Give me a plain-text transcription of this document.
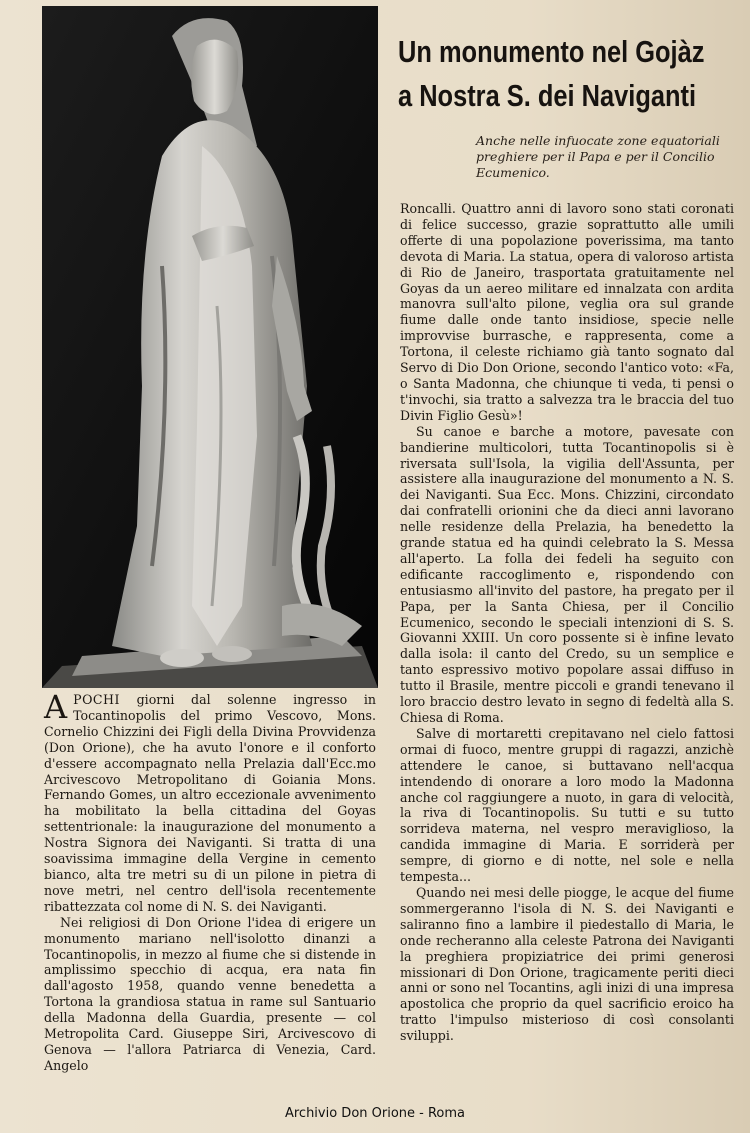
Un monumento nel Gojàz
a Nostra S. dei Naviganti
Anche nelle infuocate zone equatoriali preghiere per il Papa e per il Concilio Ecumenico.

APOCHI giorni dal solenne ingresso in Tocantinopolis del primo Vescovo, Mons. Cornelio Chizzini dei Figli della Divina Provvidenza (Don Orione), che ha avuto l'onore e il conforto d'essere accompagnato nella Prelazia dall'Ecc.mo Arcivescovo Metropolitano di Goiania Mons. Fernando Gomes, un altro eccezionale avvenimento ha mobilitato la bella cittadina del Goyas settentrionale: la inaugurazione del monumento a Nostra Signora dei Naviganti. Si tratta di una soavissima immagine della Vergine in cemento bianco, alta tre metri su di un pilone in pietra di nove metri, nel centro dell'isola recentemente ribattezzata col nome di N. S. dei Naviganti.

Nei religiosi di Don Orione l'idea di erigere un monumento mariano nell'isolotto dinanzi a Tocantinopolis, in mezzo al fiume che si distende in amplissimo specchio di acqua, era nata fin dall'agosto 1958, quando venne benedetta a Tortona la grandiosa statua in rame sul Santuario della Madonna della Guardia, presente — col Metropolita Card. Giuseppe Siri, Arcivescovo di Genova — l'allora Patriarca di Venezia, Card. Angelo

Roncalli. Quattro anni di lavoro sono stati coronati di felice successo, grazie soprattutto alle umili offerte di una popolazione poverissima, ma tanto devota di Maria. La statua, opera di valoroso artista di Rio de Janeiro, trasportata gratuitamente nel Goyas da un aereo militare ed innalzata con ardita manovra sull'alto pilone, veglia ora sul grande fiume dalle onde tanto insidiose, specie nelle improvvise burrasche, e rappresenta, come a Tortona, il celeste richiamo già tanto sognato dal Servo di Dio Don Orione, secondo l'antico voto: «Fa, o Santa Madonna, che chiunque ti veda, ti pensi o t'invochi, sia tratto a salvezza tra le braccia del tuo Divin Figlio Gesù»!

Su canoe e barche a motore, pavesate con bandierine multicolori, tutta Tocantinopolis si è riversata sull'Isola, la vigilia dell'Assunta, per assistere alla inaugurazione del monumento a N. S. dei Naviganti. Sua Ecc. Mons. Chizzini, circondato dai confratelli orionini che da dieci anni lavorano nelle residenze della Prelazia, ha benedetto la grande statua ed ha quindi celebrato la S. Messa all'aperto. La folla dei fedeli ha seguito con edificante raccoglimento e, rispondendo con entusiasmo all'invito del pastore, ha pregato per il Papa, per la Santa Chiesa, per il Concilio Ecumenico, secondo le speciali intenzioni di S. S. Giovanni XXIII. Un coro possente si è infine levato dalla isola: il canto del Credo, su un semplice e tanto espressivo motivo popolare assai diffuso in tutto il Brasile, mentre piccoli e grandi tenevano il loro braccio destro levato in segno di fedeltà alla S. Chiesa di Roma.

Salve di mortaretti crepitavano nel cielo fattosi ormai di fuoco, mentre gruppi di ragazzi, anzichè attendere le canoe, si buttavano nell'acqua intendendo di onorare a loro modo la Madonna anche col raggiungere a nuoto, in gara di velocità, la riva di Tocantinopolis. Su tutti e su tutto sorrideva materna, nel vespro meraviglioso, la candida immagine di Maria. E sorriderà per sempre, di giorno e di notte, nel sole e nella tempesta...

Quando nei mesi delle piogge, le acque del fiume sommergeranno l'isola di N. S. dei Naviganti e saliranno fino a lambire il piedestallo di Maria, le onde recheranno alla celeste Patrona dei Naviganti la preghiera propiziatrice dei primi generosi missionari di Don Orione, tragicamente periti dieci anni or sono nel Tocantins, agli inizi di una impresa apostolica che proprio da quel sacrificio eroico ha tratto l'impulso misterioso di così consolanti sviluppi.

Archivio Don Orione - Roma
